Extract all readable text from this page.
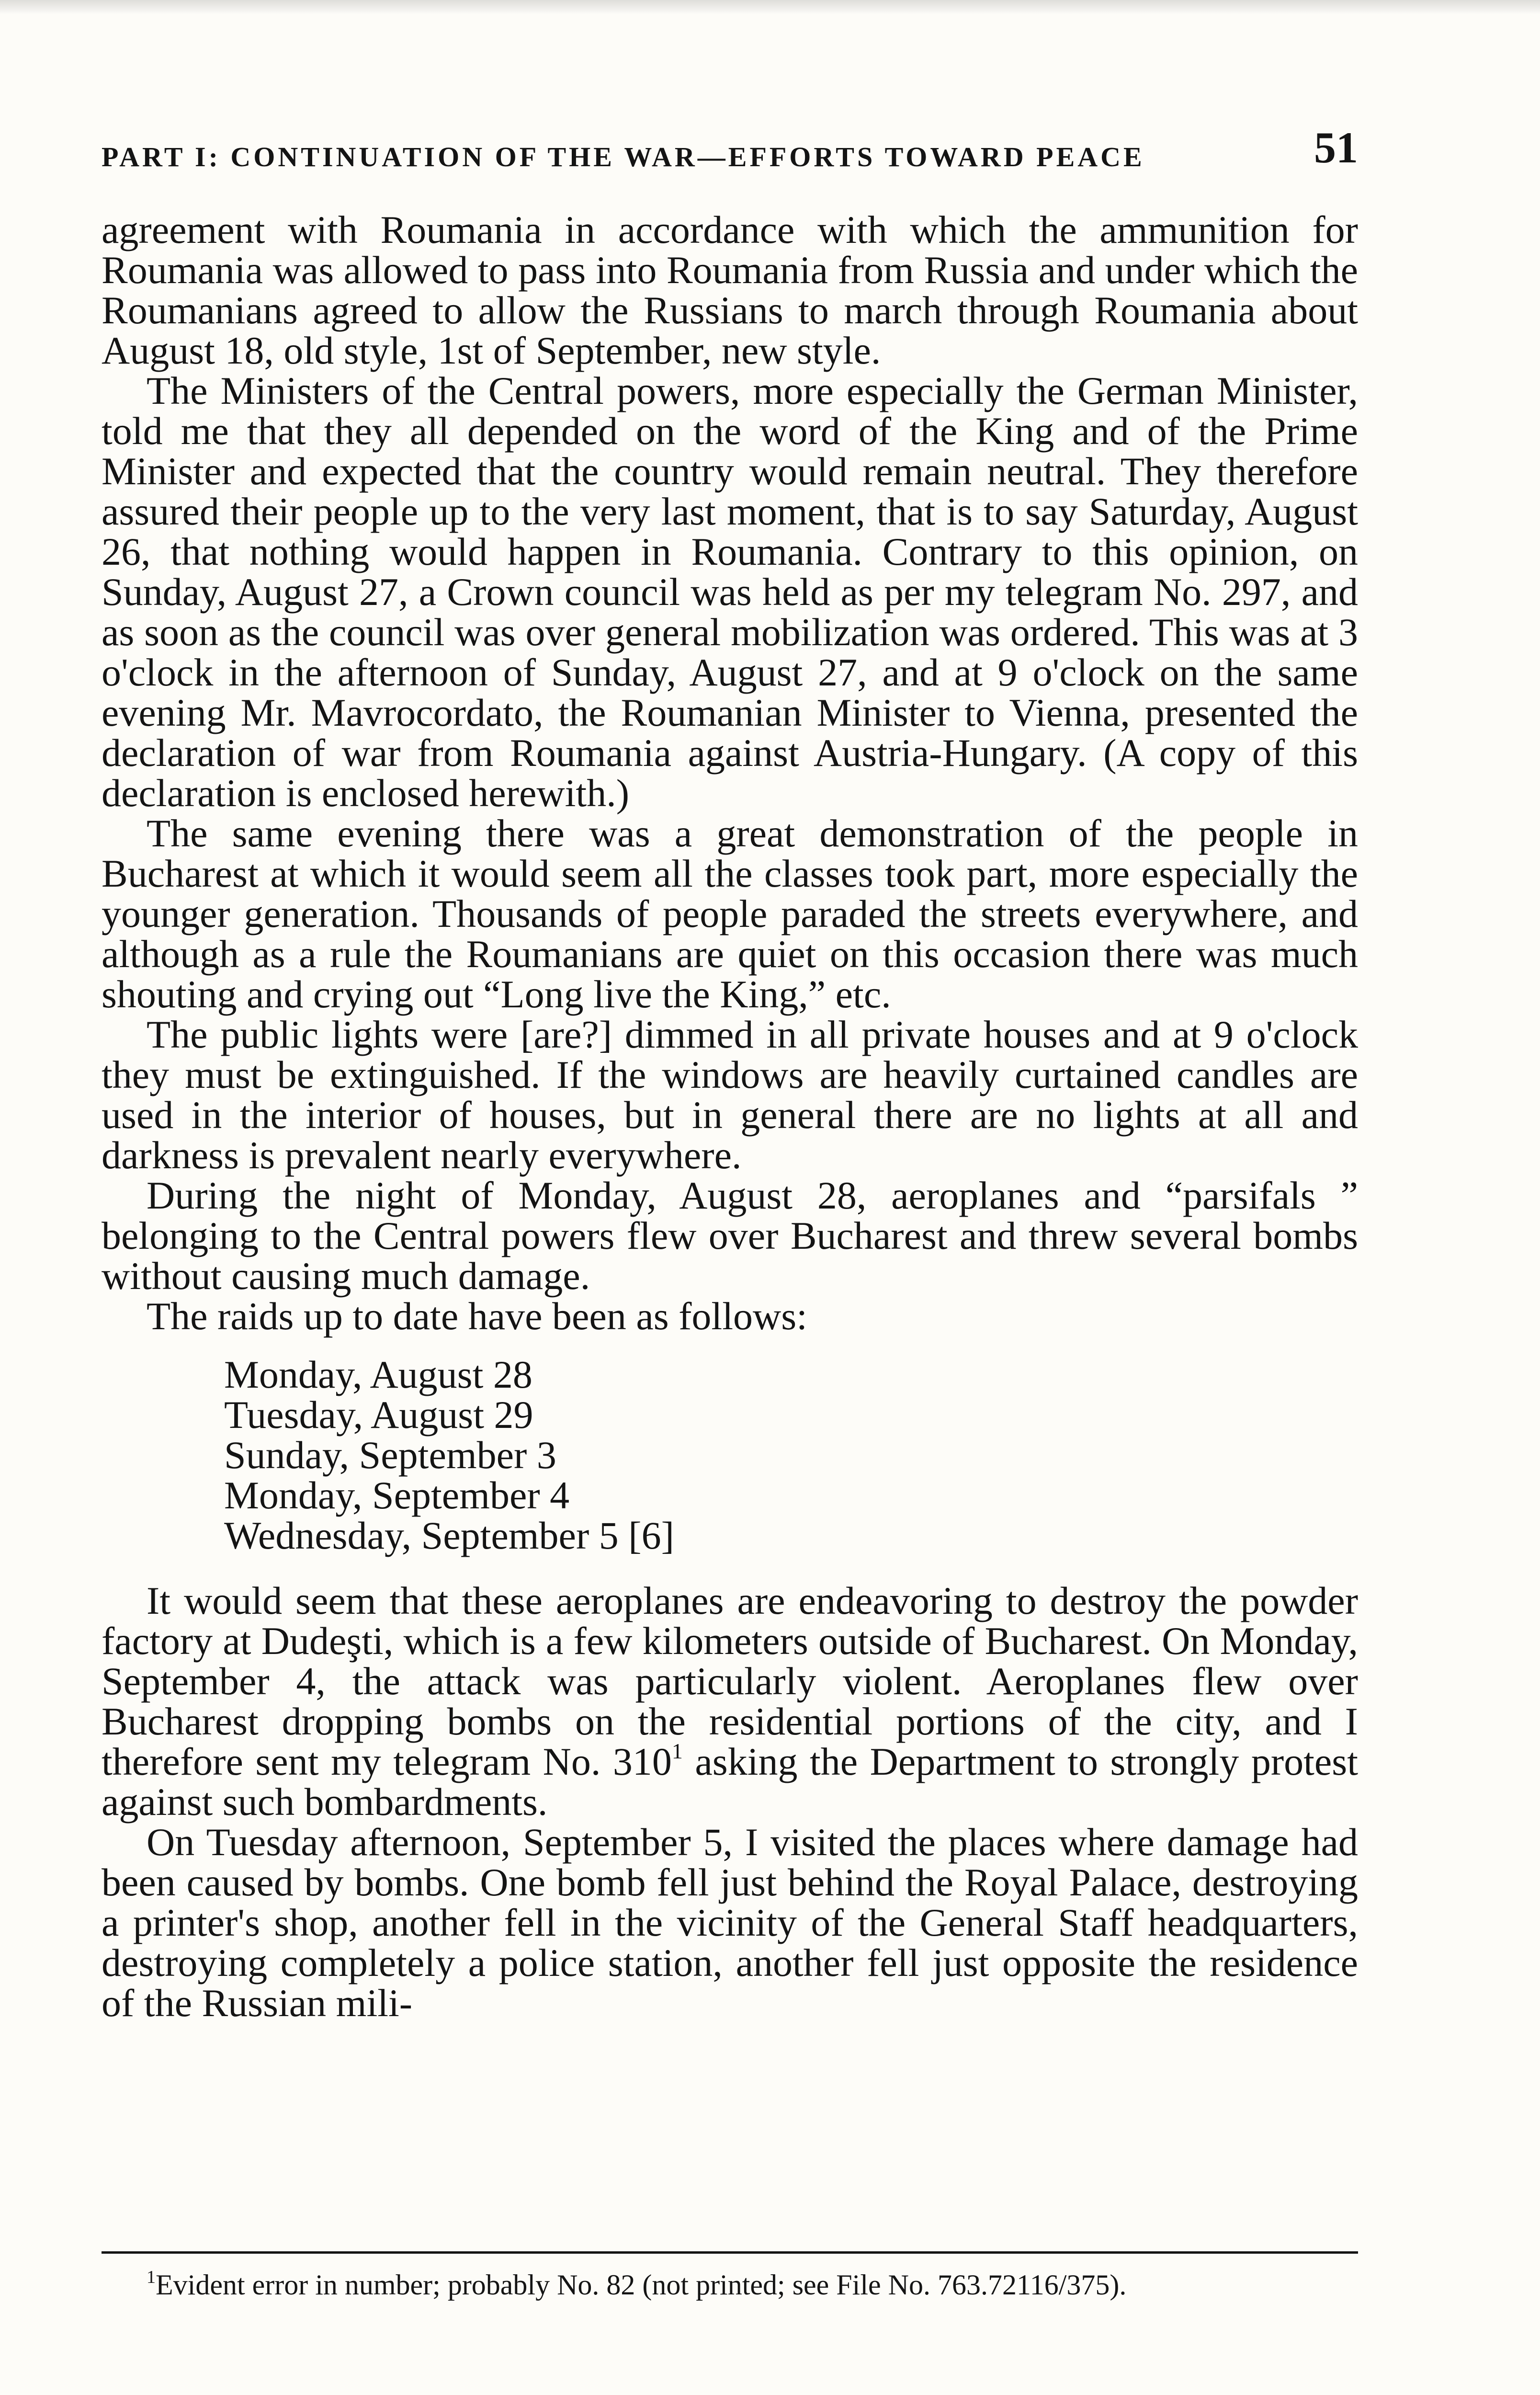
PART I: CONTINUATION OF THE WAR—EFFORTS TOWARD PEACE	51

agreement with Roumania in accordance with which the ammunition for Roumania was allowed to pass into Roumania from Russia and under which the Roumanians agreed to allow the Russians to march through Roumania about August 18, old style, 1st of September, new style.

The Ministers of the Central powers, more especially the German Minister, told me that they all depended on the word of the King and of the Prime Minister and expected that the country would remain neutral. They therefore assured their people up to the very last moment, that is to say Saturday, August 26, that nothing would happen in Roumania. Contrary to this opinion, on Sunday, August 27, a Crown council was held as per my telegram No. 297, and as soon as the council was over general mobilization was ordered. This was at 3 o'clock in the afternoon of Sunday, August 27, and at 9 o'clock on the same evening Mr. Mavrocordato, the Roumanian Minister to Vienna, presented the declaration of war from Roumania against Austria-Hungary. (A copy of this declaration is enclosed herewith.)

The same evening there was a great demonstration of the people in Bucharest at which it would seem all the classes took part, more especially the younger generation. Thousands of people paraded the streets everywhere, and although as a rule the Roumanians are quiet on this occasion there was much shouting and crying out “Long live the King,” etc.

The public lights were [are?] dimmed in all private houses and at 9 o'clock they must be extinguished. If the windows are heavily curtained candles are used in the interior of houses, but in general there are no lights at all and darkness is prevalent nearly everywhere.

During the night of Monday, August 28, aeroplanes and “parsifals ” belonging to the Central powers flew over Bucharest and threw several bombs without causing much damage.

The raids up to date have been as follows:

Monday, August 28
Tuesday, August 29
Sunday, September 3
Monday, September 4
Wednesday, September 5 [6]

It would seem that these aeroplanes are endeavoring to destroy the powder factory at Dudeşti, which is a few kilometers outside of Bucharest. On Monday, September 4, the attack was particularly violent. Aeroplanes flew over Bucharest dropping bombs on the residential portions of the city, and I therefore sent my telegram No. $310^1$ asking the Department to strongly protest against such bombardments.

On Tuesday afternoon, September 5, I visited the places where damage had been caused by bombs. One bomb fell just behind the Royal Palace, destroying a printer's shop, another fell in the vicinity of the General Staff headquarters, destroying completely a police station, another fell just opposite the residence of the Russian mili-

$^1$Evident error in number; probably No. 82 (not printed; see File No. 763.72116/375).
